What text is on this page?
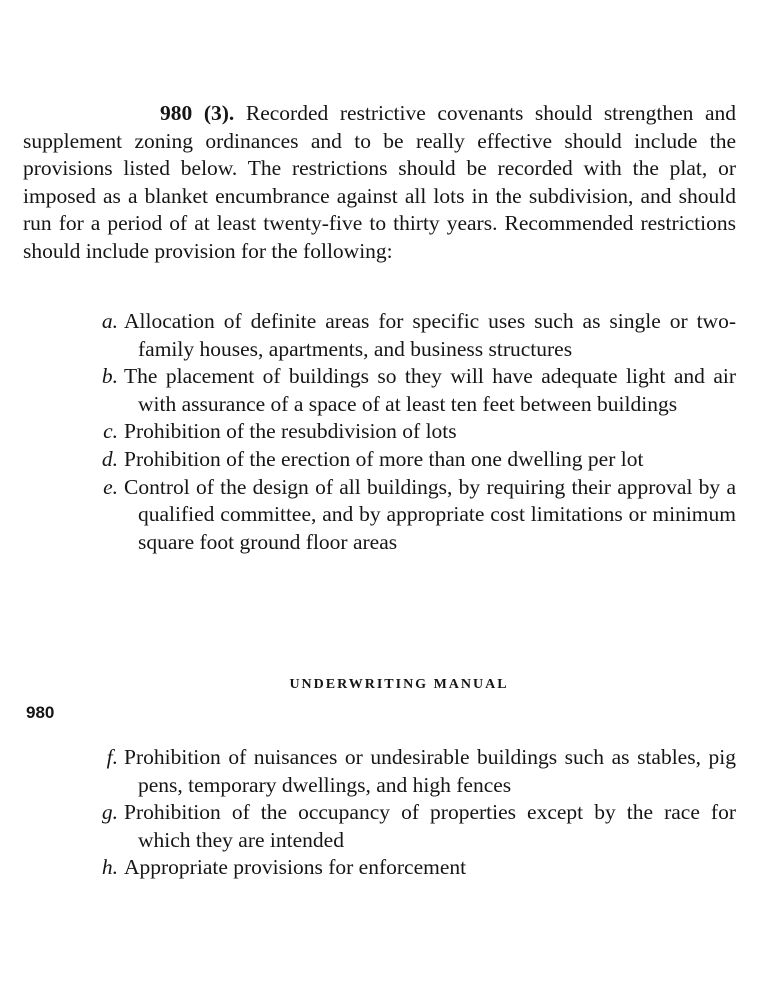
980 (3). Recorded restrictive covenants should strengthen and supplement zoning ordinances and to be really effective should include the provisions listed below. The restrictions should be recorded with the plat, or imposed as a blanket encumbrance against all lots in the subdivision, and should run for a period of at least twenty-five to thirty years. Recommended restrictions should include provision for the following:

a. Allocation of definite areas for specific uses such as single or two-family houses, apartments, and business structures
b. The placement of buildings so they will have adequate light and air with assurance of a space of at least ten feet between buildings
c. Prohibition of the resubdivision of lots
d. Prohibition of the erection of more than one dwelling per lot
e. Control of the design of all buildings, by requiring their approval by a qualified committee, and by appropriate cost limitations or minimum square foot ground floor areas

UNDERWRITING MANUAL

980

f. Prohibition of nuisances or undesirable buildings such as stables, pig pens, temporary dwellings, and high fences
g. Prohibition of the occupancy of properties except by the race for which they are intended
h. Appropriate provisions for enforcement
